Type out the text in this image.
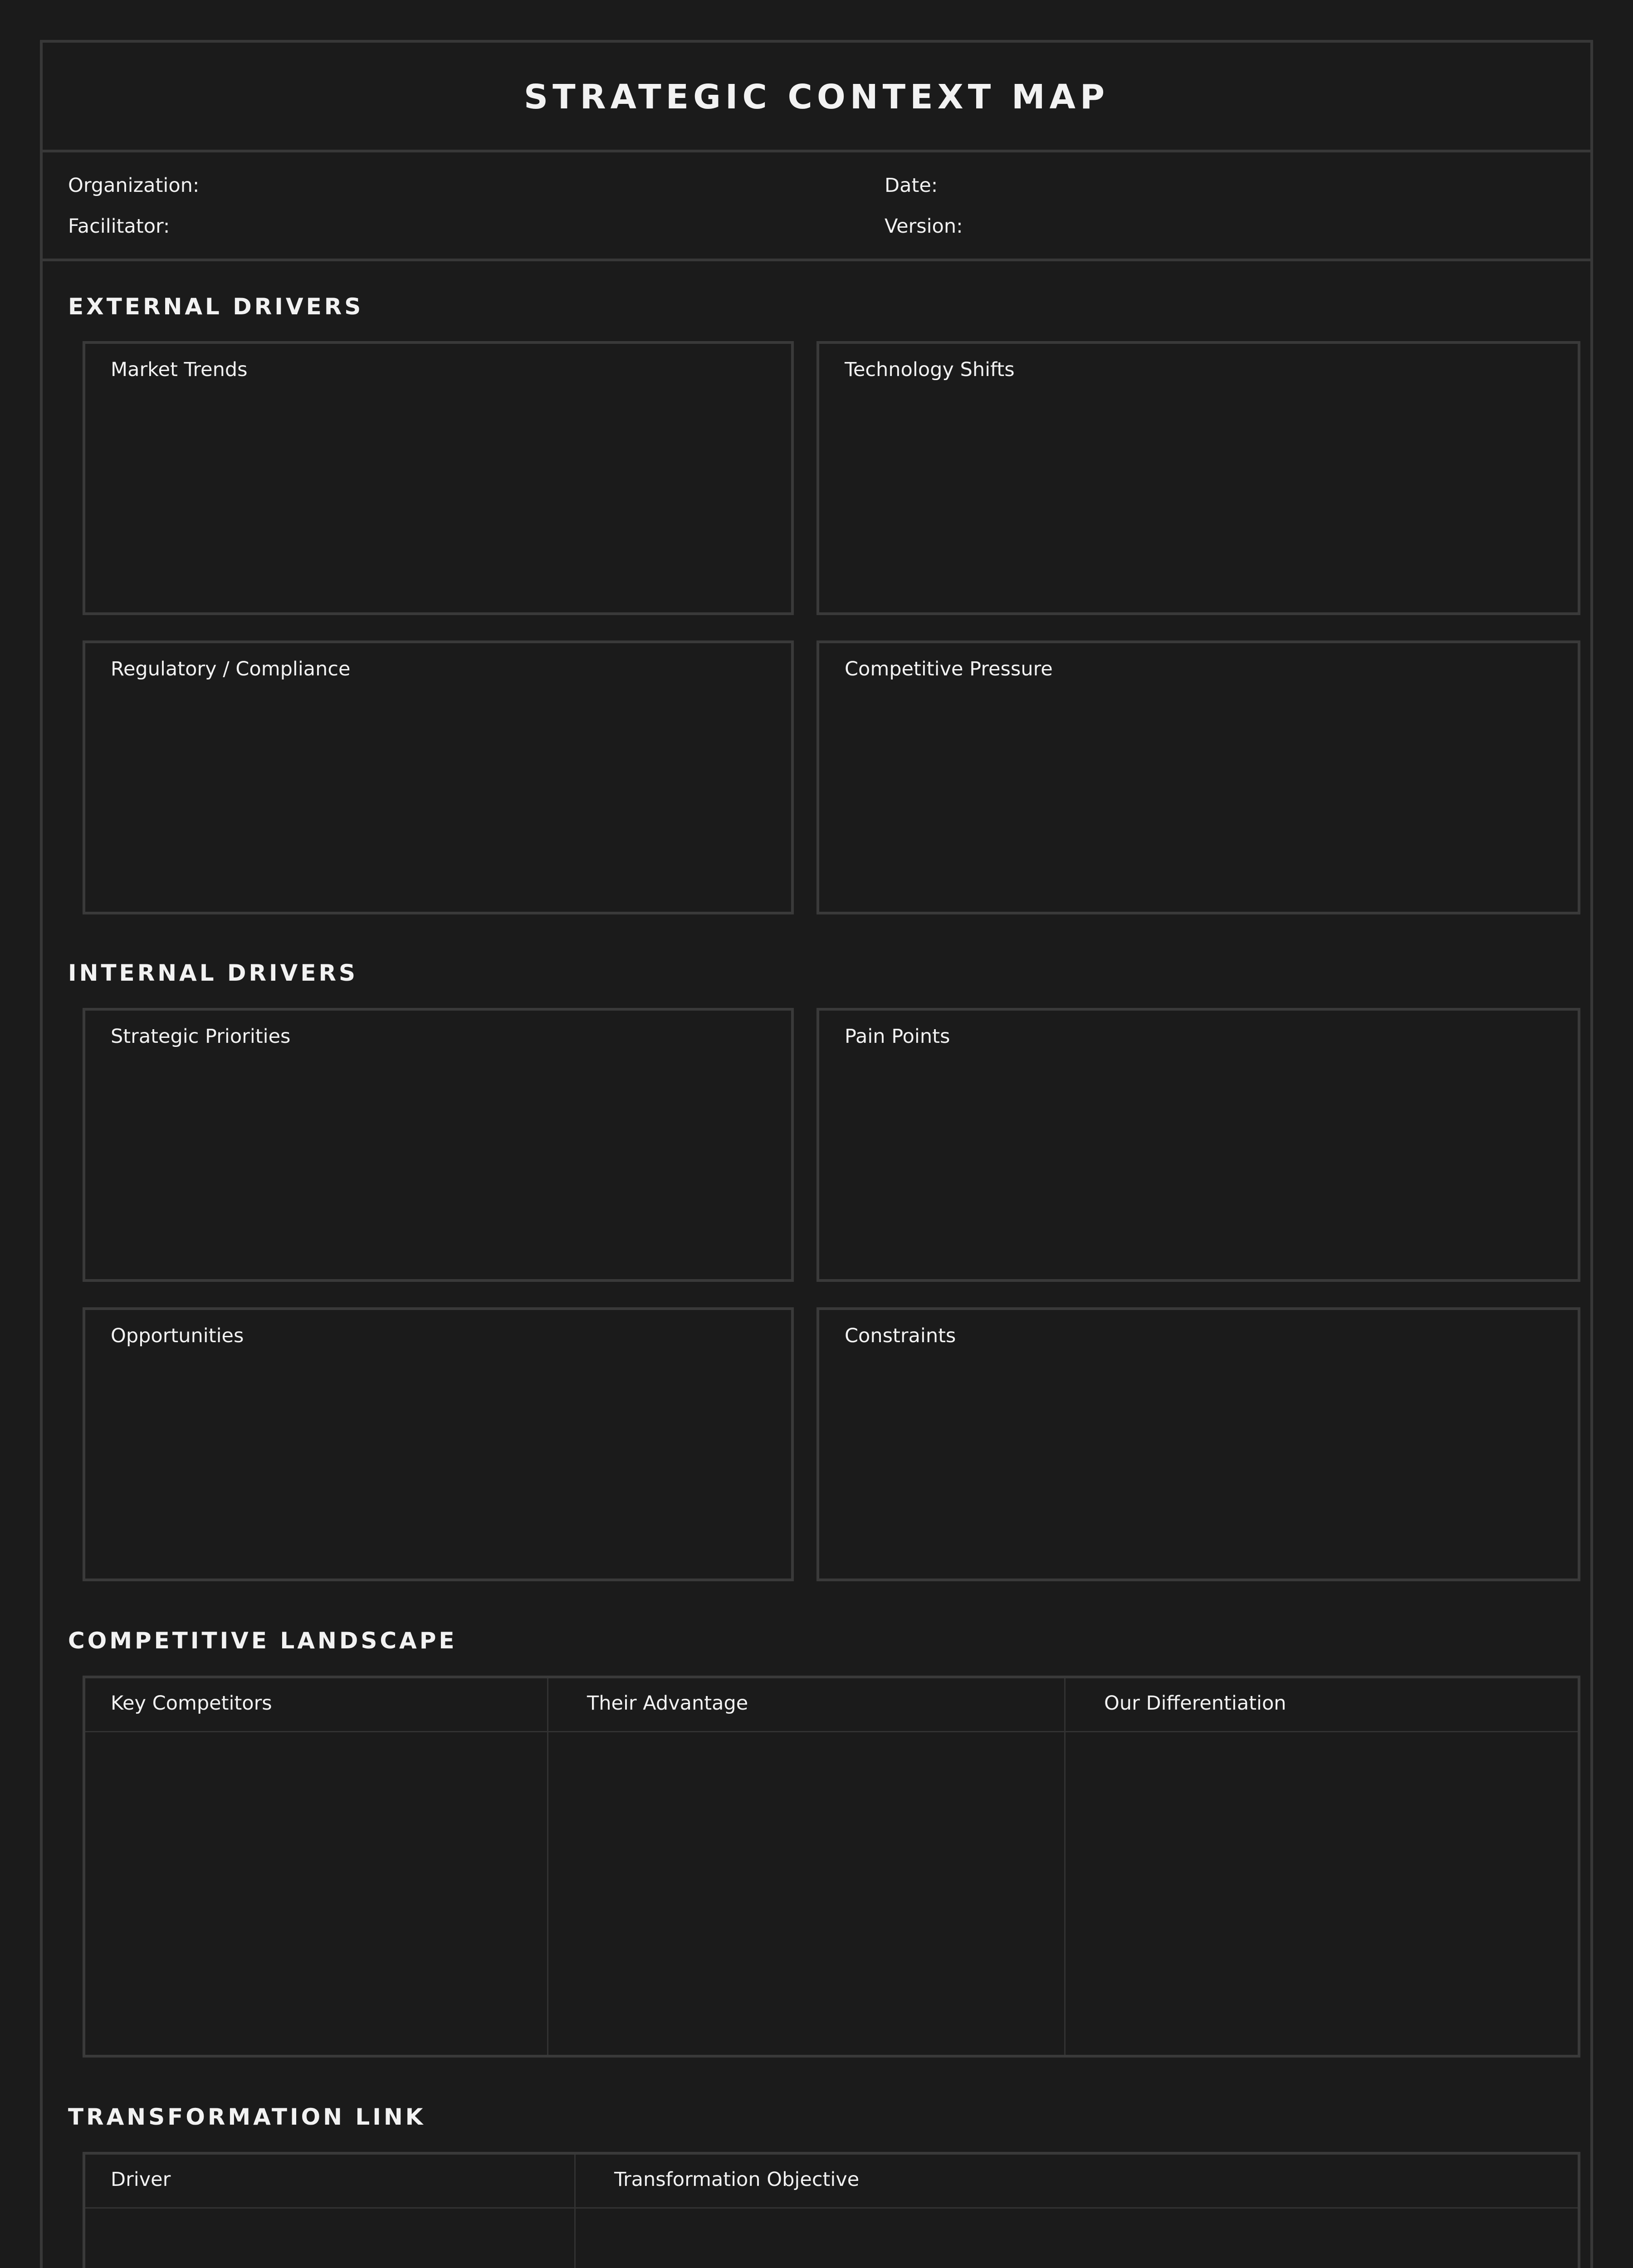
STRATEGIC CONTEXT MAP
Organization:	Date:
Facilitator:	Version:
EXTERNAL DRIVERS
Market Trends	Technology Shifts
Regulatory / Compliance	Competitive Pressure
INTERNAL DRIVERS
Strategic Priorities	Pain Points
Opportunities	Constraints
COMPETITIVE LANDSCAPE
Key Competitors	Their Advantage	Our Differentiation
TRANSFORMATION LINK
Driver	Transformation Objective
